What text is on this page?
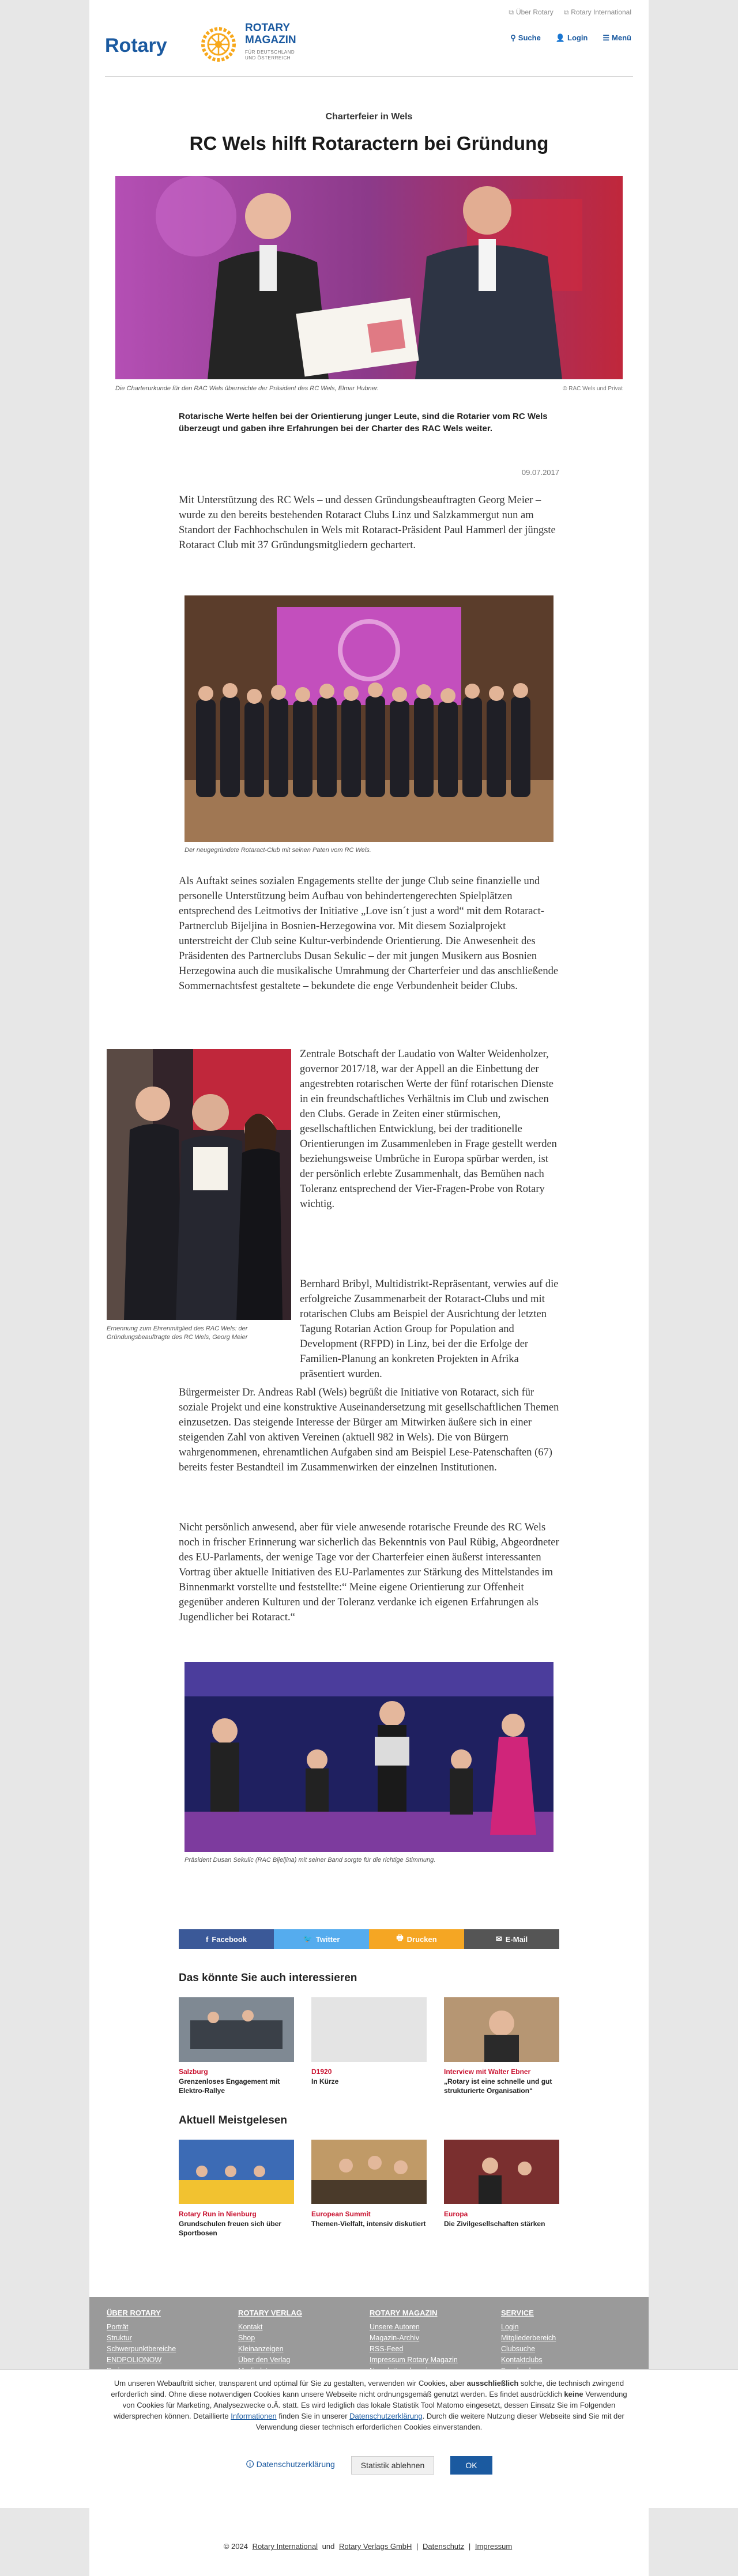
Rotary
ROTARY
MAGAZIN
FÜR DEUTSCHLAND
UND ÖSTERREICH
⧉ Über Rotary ⧉ Rotary International
⚲ Suche 👤 Login ☰ Menü
Charterfeier in Wels
RC Wels hilft Rotaractern bei Gründung
Die Charterurkunde für den RAC Wels überreichte der Präsident des RC Wels, Elmar Hubner.	© RAC Wels und Privat
Rotarische Werte helfen bei der Orientierung junger Leute, sind die Rotarier vom RC Wels überzeugt und gaben ihre Erfahrungen bei der Charter des RAC Wels weiter.
09.07.2017
Mit Unterstützung des RC Wels – und dessen Gründungsbeauftragten Georg Meier – wurde zu den bereits bestehenden Rotaract Clubs Linz und Salzkammergut nun am Standort der Fachhochschulen in Wels mit Rotaract-Präsident Paul Hammerl der jüngste Rotaract Club mit 37 Gründungsmitgliedern gechartert.
Der neugegründete Rotaract-Club mit seinen Paten vom RC Wels.
Als Auftakt seines sozialen Engagements stellte der junge Club seine finanzielle und personelle Unterstützung beim Aufbau von behindertengerechten Spielplätzen entsprechend des Leitmotivs der Initiative „Love isn´t just a word“ mit dem Rotaract-Partnerclub Bijeljina in Bosnien-Herzegowina vor. Mit diesem Sozialprojekt unterstreicht der Club seine Kultur-verbindende Orientierung. Die Anwesenheit des Präsidenten des Partnerclubs Dusan Sekulic – der mit jungen Musikern aus Bosnien Herzegowina auch die musikalische Umrahmung der Charterfeier und das anschließende Sommernachtsfest gestaltete – bekundete die enge Verbundenheit beider Clubs.
Ernennung zum Ehrenmitglied des RAC Wels: der Gründungsbeauftragte des RC Wels, Georg Meier
Zentrale Botschaft der Laudatio von Walter Weidenholzer, governor 2017/18, war der Appell an die Einbettung der angestrebten rotarischen Werte der fünf rotarischen Dienste in ein freundschaftliches Verhältnis im Club und zwischen den Clubs. Gerade in Zeiten einer stürmischen, gesellschaftlichen Entwicklung, bei der traditionelle Orientierungen im Zusammenleben in Frage gestellt werden beziehungsweise Umbrüche in Europa spürbar werden, ist der persönlich erlebte Zusammenhalt, das Bemühen nach Toleranz entsprechend der Vier-Fragen-Probe von Rotary wichtig.
Bernhard Bribyl, Multidistrikt-Repräsentant, verwies auf die erfolgreiche Zusammenarbeit der Rotaract-Clubs und mit rotarischen Clubs am Beispiel der Ausrichtung der letzten Tagung Rotarian Action Group for Population and Development (RFPD) in Linz, bei der die Erfolge der Familien-Planung an konkreten Projekten in Afrika präsentiert wurden.
Bürgermeister Dr. Andreas Rabl (Wels) begrüßt die Initiative von Rotaract, sich für soziale Projekt und eine konstruktive Auseinandersetzung mit gesellschaftlichen Themen einzusetzen. Das steigende Interesse der Bürger am Mitwirken äußere sich in einer steigenden Zahl von aktiven Vereinen (aktuell 982 in Wels). Die von Bürgern wahrgenommenen, ehrenamtlichen Aufgaben sind am Beispiel Lese-Patenschaften (67) bereits fester Bestandteil im Zusammenwirken der einzelnen Institutionen.
Nicht persönlich anwesend, aber für viele anwesende rotarische Freunde des RC Wels noch in frischer Erinnerung war sicherlich das Bekenntnis von Paul Rübig, Abgeordneter des EU-Parlaments, der wenige Tage vor der Charterfeier einen äußerst interessanten Vortrag über aktuelle Initiativen des EU-Parlamentes zur Stärkung des Mittelstandes im Binnenmarkt vorstellte und feststellte:“ Meine eigene Orientierung zur Offenheit gegenüber anderen Kulturen und der Toleranz verdanke ich eigenen Erfahrungen als Jugendlicher bei Rotaract.“
Präsident Dusan Sekulic (RAC Bijeljina) mit seiner Band sorgte für die richtige Stimmung.
f Facebook	🐦 Twitter	🖶 Drucken	✉ E-Mail
Das könnte Sie auch interessieren
Salzburg
Grenzenloses Engagement mit Elektro-Rallye
D1920
In Kürze
Interview mit Walter Ebner
„Rotary ist eine schnelle und gut strukturierte Organisation“
Aktuell Meistgelesen
Rotary Run in Nienburg
Grundschulen freuen sich über Sportbosen
European Summit
Themen-Vielfalt, intensiv diskutiert
Europa
Die Zivilgesellschaften stärken
ÜBER ROTARY
Porträt
Struktur
Schwerpunktbereiche
ENDPOLIONOW
ROTARY VERLAG
Kontakt
Shop
Kleinanzeigen
Über den Verlag
ROTARY MAGAZIN
Unsere Autoren
Magazin-Archiv
RSS-Feed
Impressum Rotary Magazin
SERVICE
Login
Mitgliederbereich
Clubsuche
Kontaktclubs
Um unseren Webauftritt sicher, transparent und optimal für Sie zu gestalten, verwenden wir Cookies, aber ausschließlich solche, die technisch zwingend erforderlich sind. Ohne diese notwendigen Cookies kann unsere Webseite nicht ordnungsgemäß genutzt werden. Es findet ausdrücklich keine Verwendung von Cookies für Marketing, Analysezwecke o.Ä. statt. Es wird lediglich das lokale Statistik Tool Matomo eingesetzt, dessen Einsatz Sie im Folgenden widersprechen können. Detaillierte Informationen finden Sie in unserer Datenschutzerklärung. Durch die weitere Nutzung dieser Webseite sind Sie mit der Verwendung dieser technisch erforderlichen Cookies einverstanden.
🛈 Datenschutzerklärung	Statistik ablehnen	OK
© 2024 Rotary International und Rotary Verlags GmbH | Datenschutz | Impressum
